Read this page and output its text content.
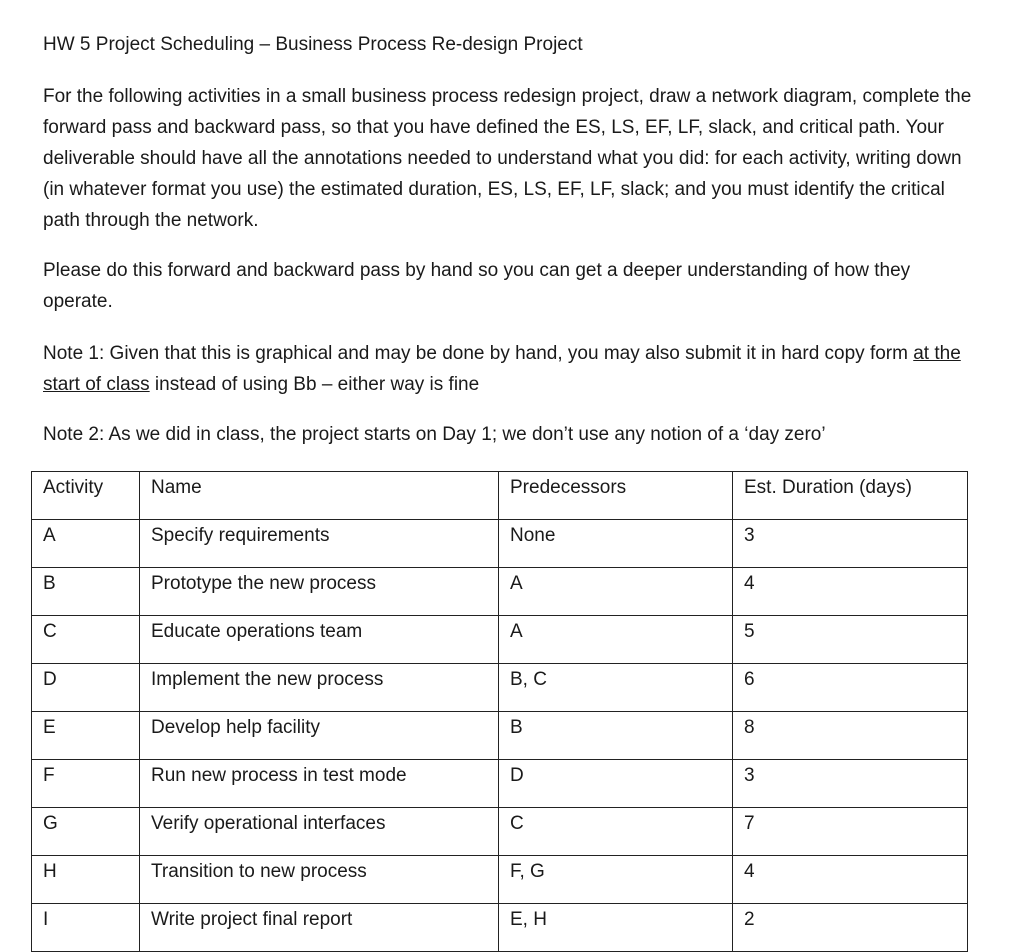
HW 5 Project Scheduling – Business Process Re-design Project
For the following activities in a small business process redesign project, draw a network diagram, complete the forward pass and backward pass, so that you have defined the ES, LS, EF, LF, slack, and critical path. Your deliverable should have all the annotations needed to understand what you did: for each activity, writing down (in whatever format you use) the estimated duration, ES, LS, EF, LF, slack; and you must identify the critical path through the network.
Please do this forward and backward pass by hand so you can get a deeper understanding of how they operate.
Note 1: Given that this is graphical and may be done by hand, you may also submit it in hard copy form at the start of class instead of using Bb – either way is fine
Note 2: As we did in class, the project starts on Day 1; we don’t use any notion of a ‘day zero’
Activity	Name	Predecessors	Est. Duration (days)
A	Specify requirements	None	3
B	Prototype the new process	A	4
C	Educate operations team	A	5
D	Implement the new process	B, C	6
E	Develop help facility	B	8
F	Run new process in test mode	D	3
G	Verify operational interfaces	C	7
H	Transition to new process	F, G	4
I	Write project final report	E, H	2
